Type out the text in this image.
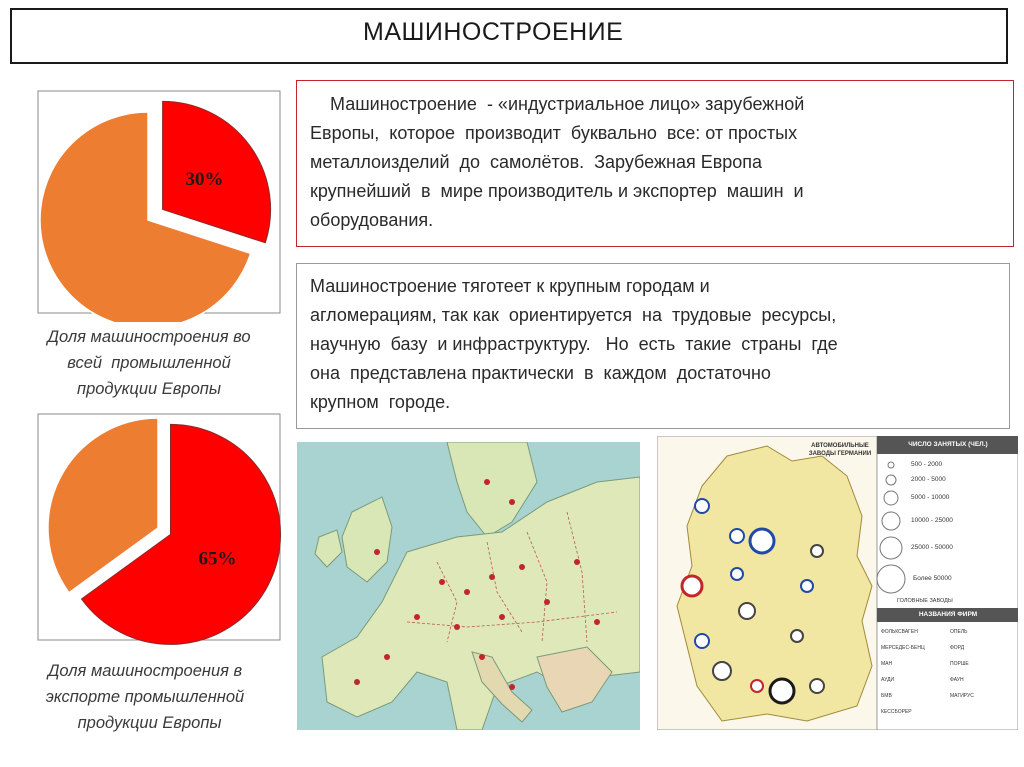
МАШИНОСТРОЕНИЕ
30%
Доля машиностроения во
всей  промышленной
продукции Европы
65%
Доля машиностроения в
экспорте промышленной
продукции Европы
Машиностроение  - «индустриальное лицо» зарубежной
Европы,  которое  производит  буквально  все: от простых
металлоизделий  до  самолётов.  Зарубежная Европа
крупнейший  в  мире производитель и экспортер  машин  и
оборудования.
Машиностроение тяготеет к крупным городам и
агломерациям, так как  ориентируется  на  трудовые  ресурсы,
научную  базу  и инфраструктуру.   Но  есть  такие  страны  где
она  представлена практически  в  каждом  достаточно
крупном  городе.
АВТОМОБИЛЬНЫЕ ЗАВОДЫ ГЕРМАНИИ
ЧИСЛО ЗАНЯТЫХ (ЧЕЛ.)
500 - 2000
2000 - 5000
5000 - 10000
10000 - 25000
25000 - 50000
Более 50000
ГОЛОВНЫЕ ЗАВОДЫ
НАЗВАНИЯ ФИРМ
ФОЛЬКСВАГЕН	ОПЕЛЬ
МЕРСЕДЕС-БЕНЦ	ФОРД
МАН	ПОРШЕ
АУДИ	ФАУН
БМВ	МАГИРУС
КЕССБОРЕР
